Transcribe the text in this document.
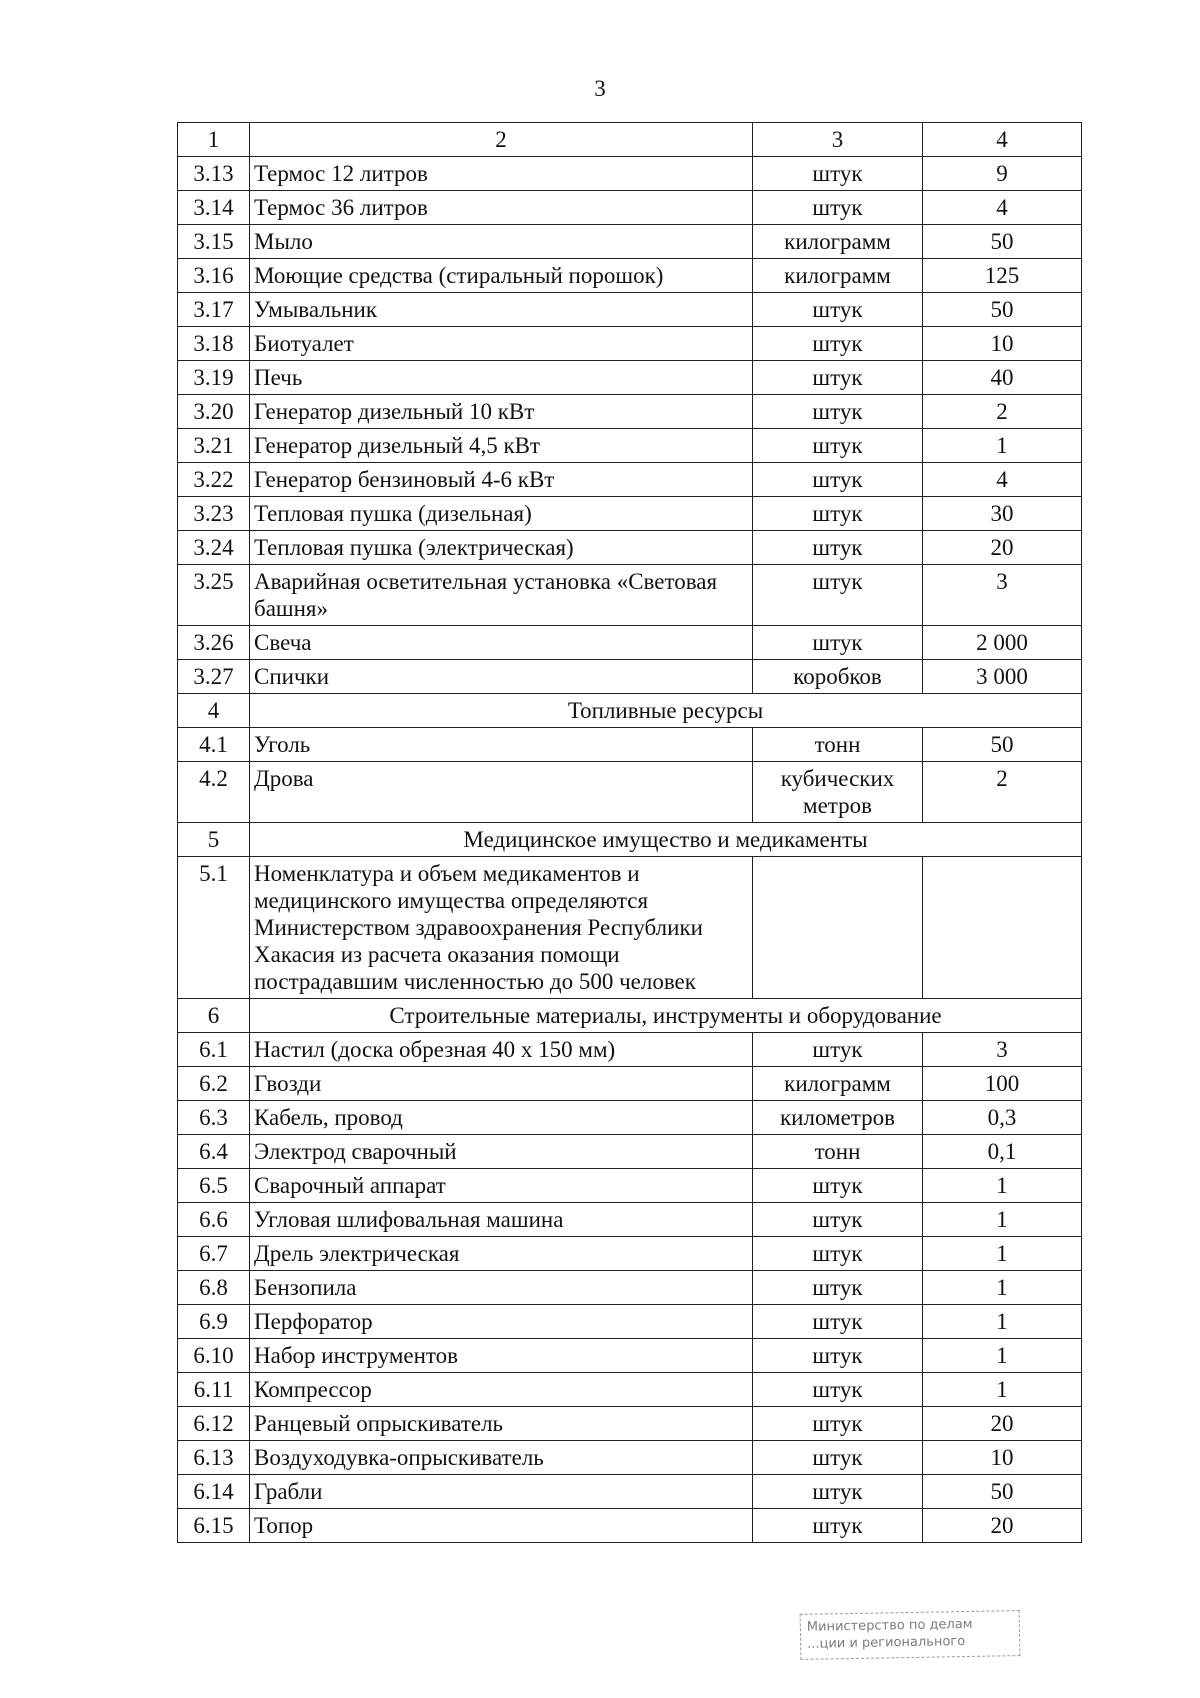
3
1	2	3	4
3.13	Термос 12 литров	штук	9
3.14	Термос 36 литров	штук	4
3.15	Мыло	килограмм	50
3.16	Моющие средства (стиральный порошок)	килограмм	125
3.17	Умывальник	штук	50
3.18	Биотуалет	штук	10
3.19	Печь	штук	40
3.20	Генератор дизельный 10 кВт	штук	2
3.21	Генератор дизельный 4,5 кВт	штук	1
3.22	Генератор бензиновый 4-6 кВт	штук	4
3.23	Тепловая пушка (дизельная)	штук	30
3.24	Тепловая пушка (электрическая)	штук	20
3.25	Аварийная осветительная установка «Световая башня»	штук	3
3.26	Свеча	штук	2 000
3.27	Спички	коробков	3 000
4	Топливные ресурсы		
4.1	Уголь	тонн	50
4.2	Дрова	кубических метров	2
5	Медицинское имущество и медикаменты		
5.1	Номенклатура и объем медикаментов и медицинского имущества определяются Министерством здравоохранения Республики Хакасия из расчета оказания помощи пострадавшим численностью до 500 человек		
6	Строительные материалы, инструменты и оборудование		
6.1	Настил (доска обрезная 40 х 150 мм)	штук	3
6.2	Гвозди	килограмм	100
6.3	Кабель, провод	километров	0,3
6.4	Электрод сварочный	тонн	0,1
6.5	Сварочный аппарат	штук	1
6.6	Угловая шлифовальная машина	штук	1
6.7	Дрель электрическая	штук	1
6.8	Бензопила	штук	1
6.9	Перфоратор	штук	1
6.10	Набор инструментов	штук	1
6.11	Компрессор	штук	1
6.12	Ранцевый опрыскиватель	штук	20
6.13	Воздуходувка-опрыскиватель	штук	10
6.14	Грабли	штук	50
6.15	Топор	штук	20
Министерство по делам
...ции и регионального
